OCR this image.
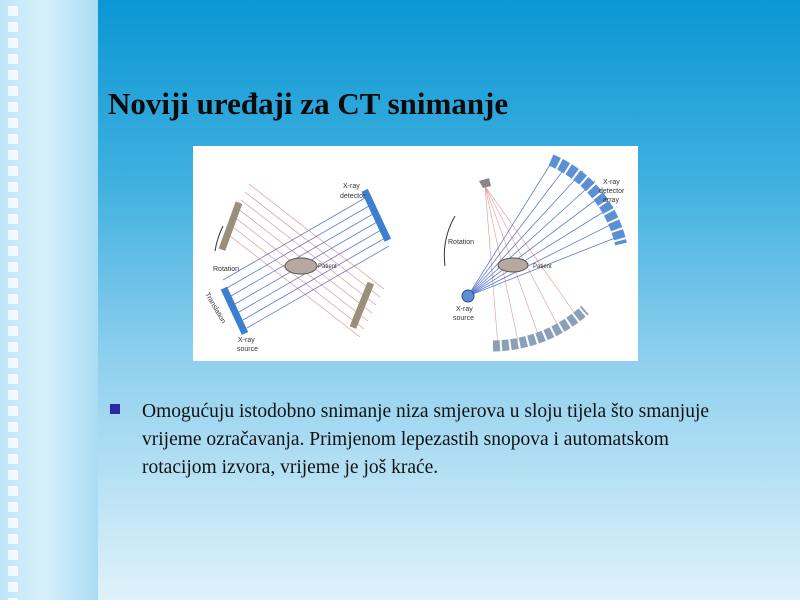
Noviji uređaji za CT snimanje
X-ray
detector
X-ray
source
Patient
Rotation
Translation
X-ray
detector
array
Rotation
Patient
X-ray
source
Omogućuju istodobno snimanje niza smjerova u sloju tijela što smanjuje vrijeme ozračavanja. Primjenom lepezastih snopova i automatskom rotacijom izvora, vrijeme je još kraće.
